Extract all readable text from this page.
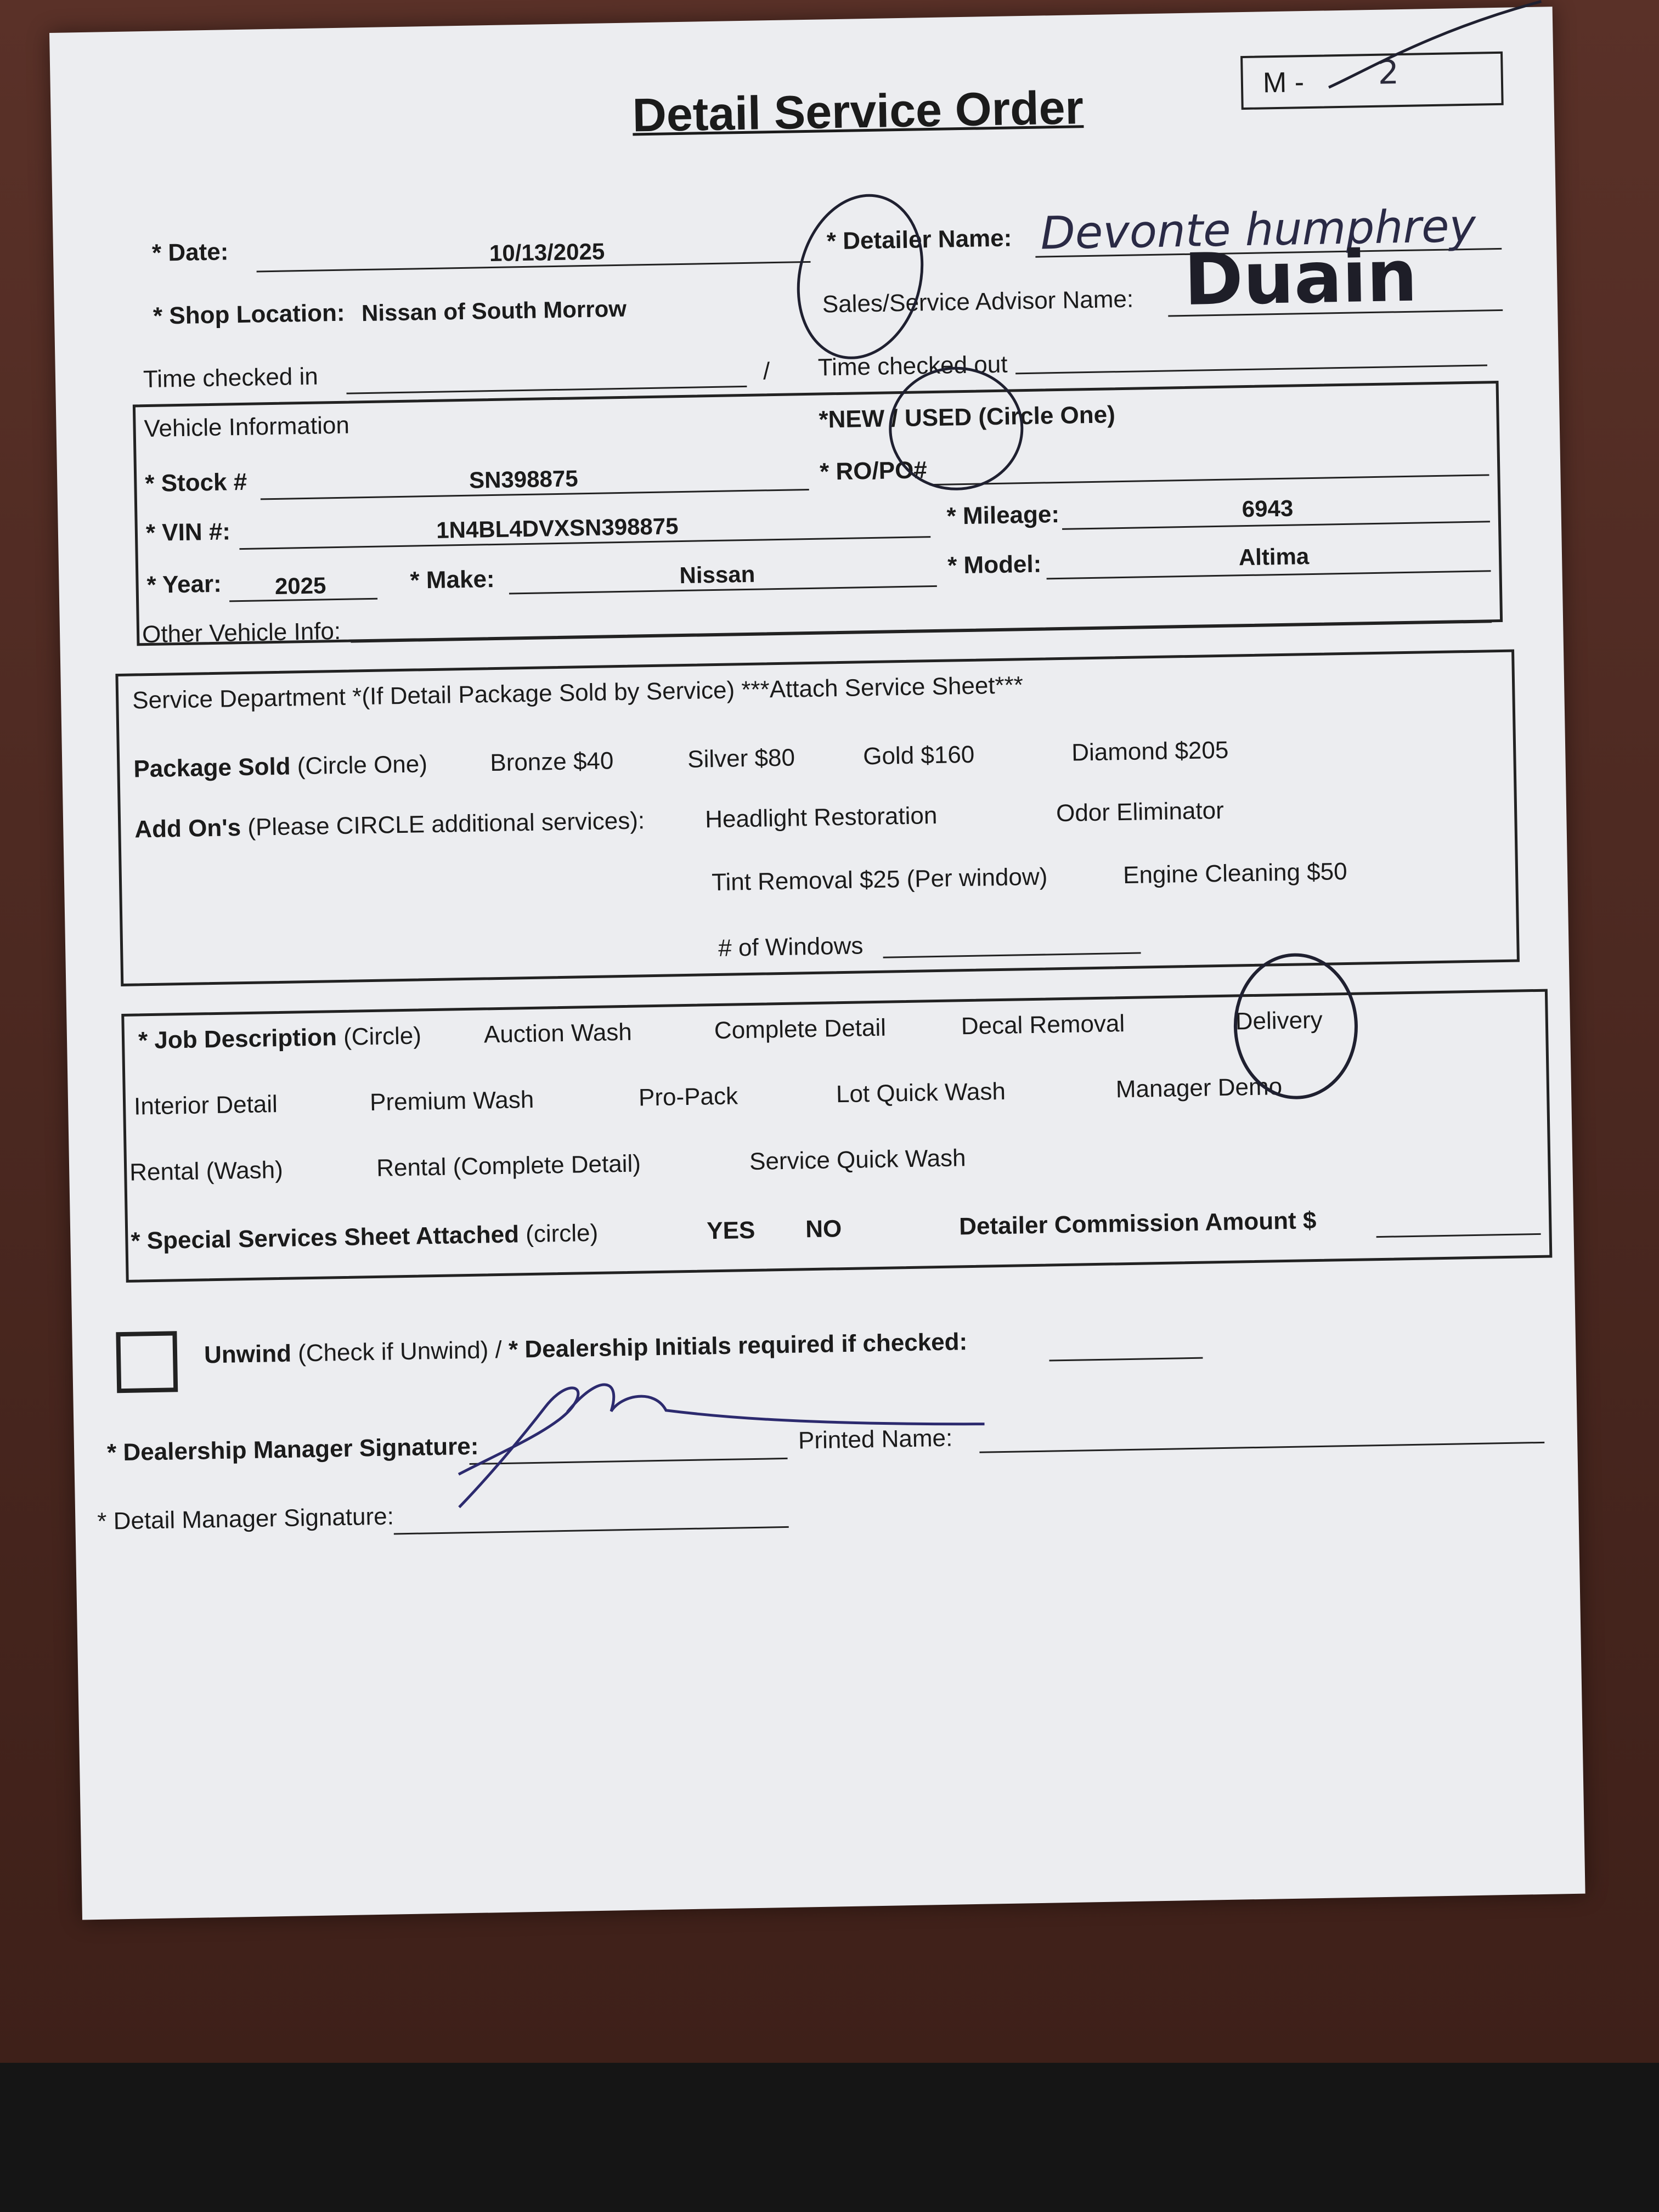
Detail Service Order	M - 2
* Date:	10/13/2025	* Detailer Name: Devonte humphrey
* Shop Location: Nissan of South Morrow	Sales/Service Advisor Name: Duain
Time checked in	/ Time checked out
Vehicle Information	*NEW / USED (Circle One)
* Stock #	SN398875	* RO/PO#
* VIN #:	1N4BL4DVXSN398875	* Mileage:	6943
* Year:	2025	* Make:	Nissan	* Model:	Altima
Other Vehicle Info:
Service Department *(If Detail Package Sold by Service) ***Attach Service Sheet***
Package Sold (Circle One)	Bronze $40	Silver $80	Gold $160	Diamond $205
Add On's (Please CIRCLE additional services): Headlight Restoration	Odor Eliminator
Tint Removal $25 (Per window)	Engine Cleaning $50
# of Windows
* Job Description (Circle)	Auction Wash	Complete Detail	Decal Removal	Delivery
Interior Detail	Premium Wash	Pro-Pack	Lot Quick Wash	Manager Demo
Rental (Wash)	Rental (Complete Detail)	Service Quick Wash
* Special Services Sheet Attached (circle)	YES NO	Detailer Commission Amount $
Unwind (Check if Unwind) / * Dealership Initials required if checked:
* Dealership Manager Signature:	Printed Name:
* Detail Manager Signature:
